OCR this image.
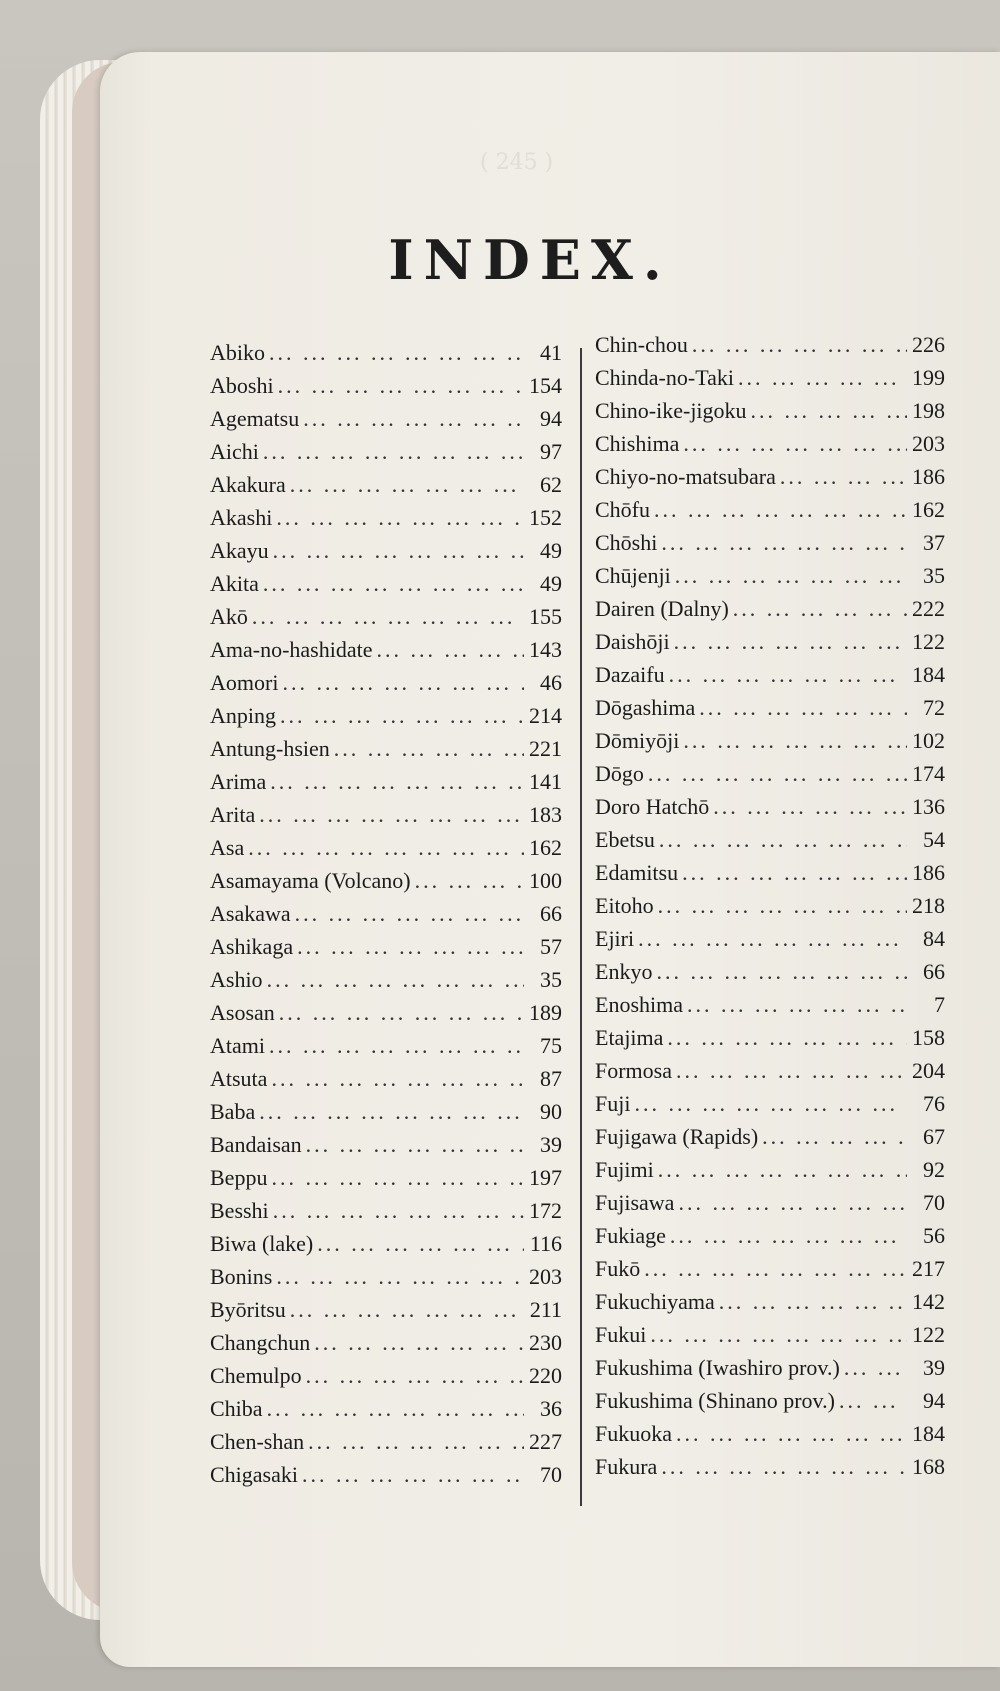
( 245 )
INDEX.
Abiko ... .	41
Aboshi ... .	154
Agematsu ... .	94
Aichi ... .	97
Akakura ... .	62
Akashi ... .	152
Akayu ... .	49
Akita ... .	49
Akō ... .	155
Ama-no-hashidate ... .	143
Aomori ... .	46
Anping ... .	214
Antung-hsien ... .	221
Arima ... .	141
Arita ... .	183
Asa ... .	162
Asamayama (Volcano) ... .	100
Asakawa ... .	66
Ashikaga ... .	57
Ashio ... .	35
Asosan ... .	189
Atami ... .	75
Atsuta ... .	87
Baba ... .	90
Bandaisan ... .	39
Beppu ... .	197
Besshi ... .	172
Biwa (lake) ... .	116
Bonins ... .	203
Byōritsu ... .	211
Changchun ... .	230
Chemulpo ... .	220
Chiba ... .	36
Chen-shan ... .	227
Chigasaki ... .	70
Chin-chou ... .	226
Chinda-no-Taki ... .	199
Chino-ike-jigoku ... .	198
Chishima ... .	203
Chiyo-no-matsubara ... .	186
Chōfu ... .	162
Chōshi ... .	37
Chūjenji ... .	35
Dairen (Dalny) ... .	222
Daishōji ... .	122
Dazaifu ... .	184
Dōgashima ... .	72
Dōmiyōji ... .	102
Dōgo ... .	174
Doro Hatchō ... .	136
Ebetsu ... .	54
Edamitsu ... .	186
Eitoho ... .	218
Ejiri ... .	84
Enkyo ... .	66
Enoshima ... .	7
Etajima ... .	158
Formosa ... .	204
Fuji ... .	76
Fujigawa (Rapids) ... .	67
Fujimi ... .	92
Fujisawa ... .	70
Fukiage ... .	56
Fukō ... .	217
Fukuchiyama ... .	142
Fukui ... .	122
Fukushima (Iwashiro prov.) ... .	39
Fukushima (Shinano prov.) ... .	94
Fukuoka ... .	184
Fukura ... .	168
